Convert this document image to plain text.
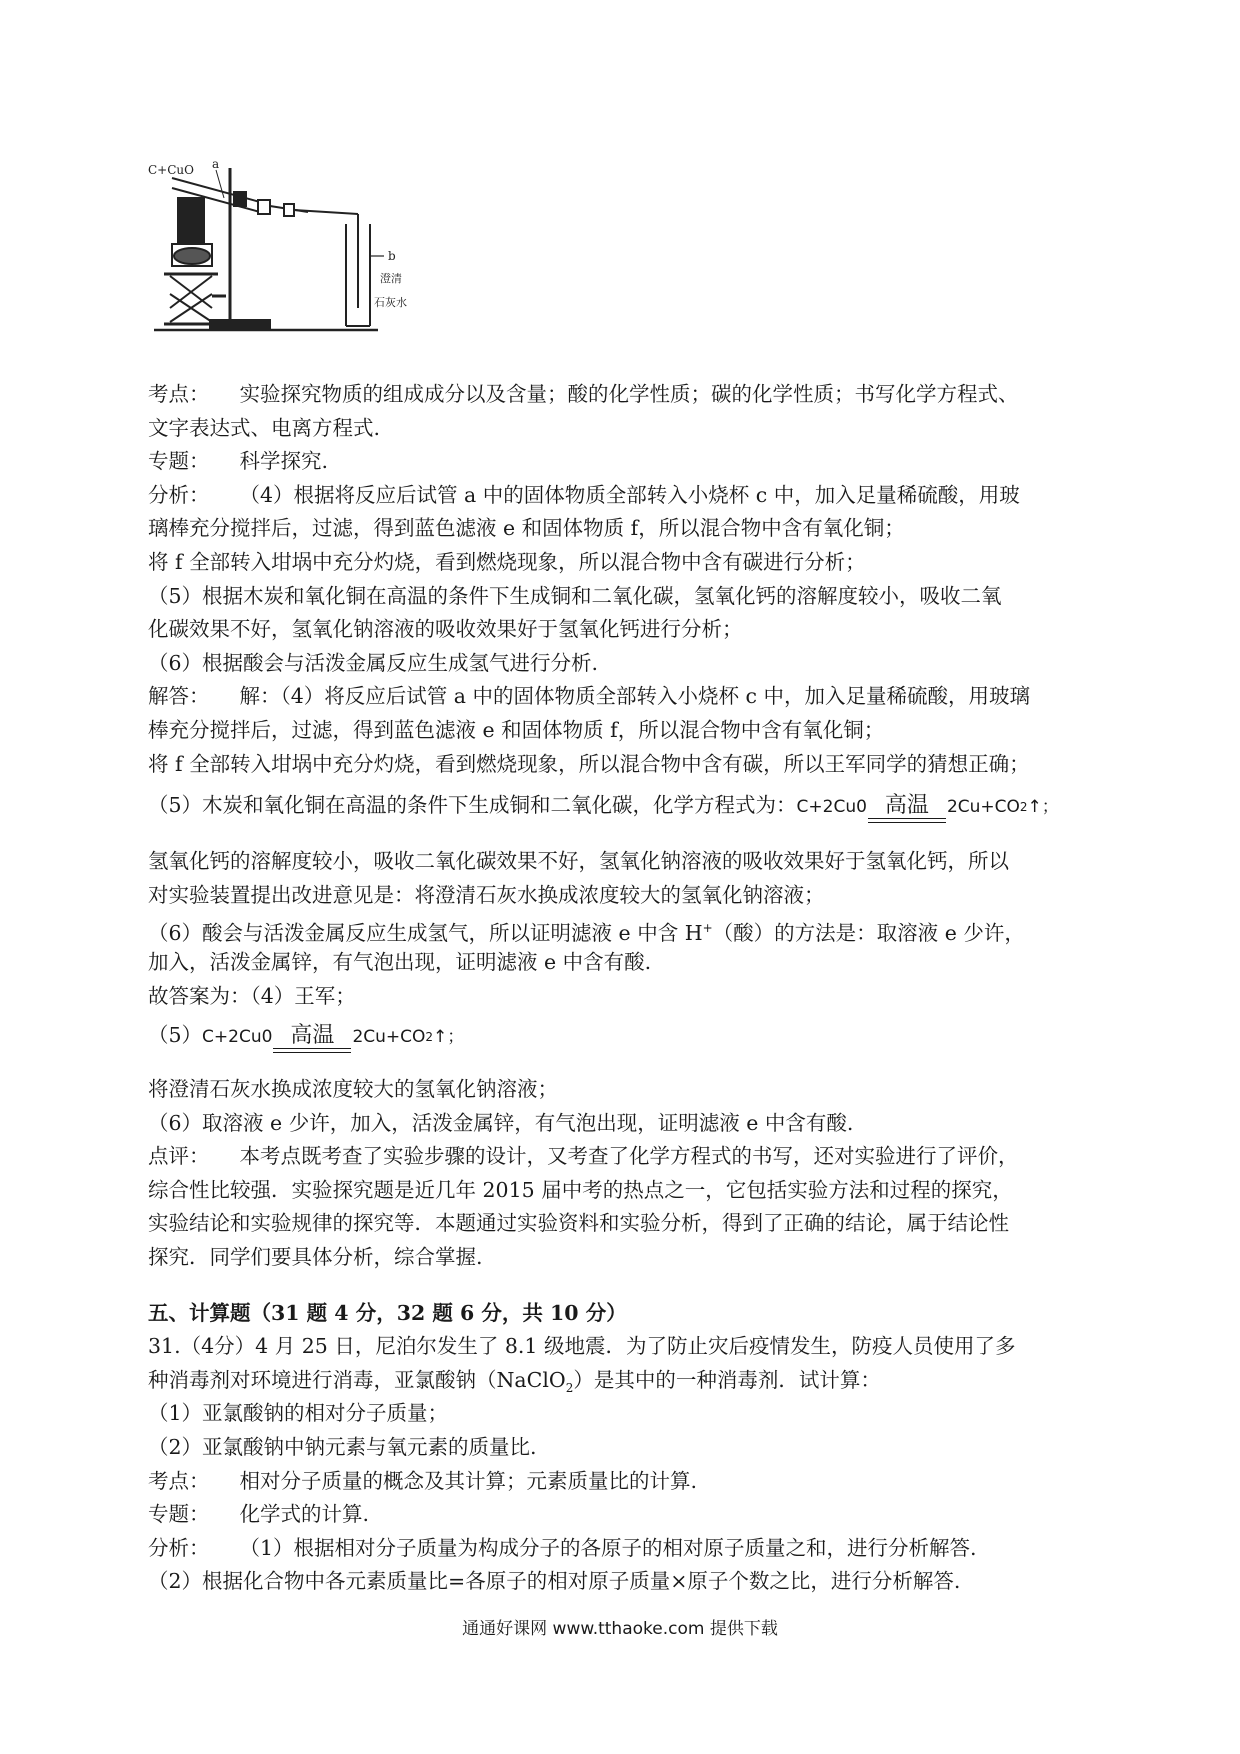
C+CuO a
b
澄清
石灰水
考点： 实验探究物质的组成成分以及含量；酸的化学性质；碳的化学性质；书写化学方程式、
文字表达式、电离方程式.
专题： 科学探究.
分析： （4）根据将反应后试管 a 中的固体物质全部转入小烧杯 c 中，加入足量稀硫酸，用玻
璃棒充分搅拌后，过滤，得到蓝色滤液 e 和固体物质 f，所以混合物中含有氧化铜；
将 f 全部转入坩埚中充分灼烧，看到燃烧现象，所以混合物中含有碳进行分析；
（5）根据木炭和氧化铜在高温的条件下生成铜和二氧化碳，氢氧化钙的溶解度较小，吸收二氧
化碳效果不好，氢氧化钠溶液的吸收效果好于氢氧化钙进行分析；
（6）根据酸会与活泼金属反应生成氢气进行分析.
解答： 解：（4）将反应后试管 a 中的固体物质全部转入小烧杯 c 中，加入足量稀硫酸，用玻璃
棒充分搅拌后，过滤，得到蓝色滤液 e 和固体物质 f，所以混合物中含有氧化铜；
将 f 全部转入坩埚中充分灼烧，看到燃烧现象，所以混合物中含有碳，所以王军同学的猜想正确；
（5）木炭和氧化铜在高温的条件下生成铜和二氧化碳，化学方程式为： C+2Cu0 高温 2Cu+CO 2 ↑；
氢氧化钙的溶解度较小，吸收二氧化碳效果不好，氢氧化钠溶液的吸收效果好于氢氧化钙，所以
对实验装置提出改进意见是：将澄清石灰水换成浓度较大的氢氧化钠溶液；
（6）酸会与活泼金属反应生成氢气，所以证明滤液 e 中含 H+（酸）的方法是：取溶液 e 少许，
加入，活泼金属锌，有气泡出现，证明滤液 e 中含有酸.
故答案为：（4）王军；
（5） C+2Cu0 高温 2Cu+CO 2 ↑；
将澄清石灰水换成浓度较大的氢氧化钠溶液；
（6）取溶液 e 少许，加入，活泼金属锌，有气泡出现，证明滤液 e 中含有酸.
点评： 本考点既考查了实验步骤的设计，又考查了化学方程式的书写，还对实验进行了评价，
综合性比较强．实验探究题是近几年 2015 届中考的热点之一，它包括实验方法和过程的探究，
实验结论和实验规律的探究等．本题通过实验资料和实验分析，得到了正确的结论，属于结论性
探究．同学们要具体分析，综合掌握.
五、计算题（31 题 4 分，32 题 6 分，共 10 分）
31.（4分）4 月 25 日，尼泊尔发生了 8.1 级地震．为了防止灾后疫情发生，防疫人员使用了多
种消毒剂对环境进行消毒，亚氯酸钠（NaClO$_2$）是其中的一种消毒剂．试计算：
（1）亚氯酸钠的相对分子质量；
（2）亚氯酸钠中钠元素与氧元素的质量比.
考点： 相对分子质量的概念及其计算；元素质量比的计算.
专题： 化学式的计算.
分析： （1）根据相对分子质量为构成分子的各原子的相对原子质量之和，进行分析解答.
（2）根据化合物中各元素质量比=各原子的相对原子质量×原子个数之比，进行分析解答.
通通好课网 www.tthaoke.com 提供下载
